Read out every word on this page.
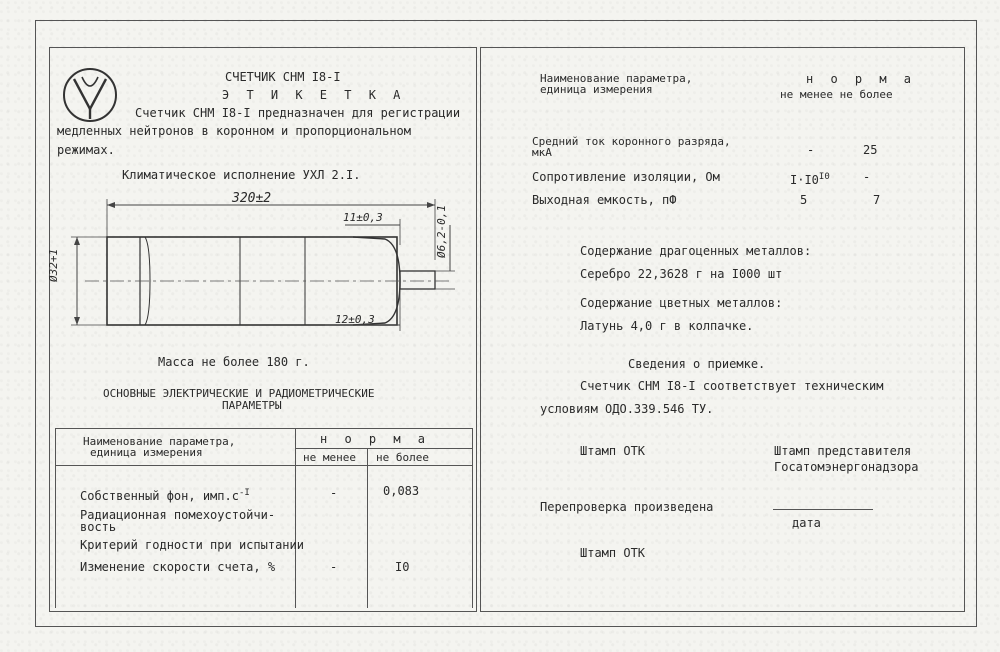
СЧЕТЧИК СНМ I8-I
Э Т И К Е Т К А
Счетчик СНМ I8-I предназначен для регистрации
медленных нейтронов в коронном и пропорциональном
режимах.
Климатическое исполнение УХЛ 2.I.
320±2
11±0,3
12±0,3
Ø32+1
Ø6,2-0,1
Масса не более 180 г.
ОСНОВНЫЕ ЭЛЕКТРИЧЕСКИЕ И РАДИОМЕТРИЧЕСКИЕ
ПАРАМЕТРЫ
Наименование параметра,
единица измерения
н о р м а
не менее не более
Собственный фон, $имп.с^{-I}$	-	0,083
Радиационная помехоустойчи-
вость
Критерий годности при испытании
Изменение скорости счета, %	-	I0
Наименование параметра,
единица измерения
н о р м а
не менее не более
Средний ток коронного разряда,
мкА	-	25
Сопротивление изоляции, Ом	$I\cdot I0^{I0}$	-
Выходная емкость, пФ	5	7
Содержание драгоценных металлов:
Серебро 22,3628 г на I000 шт
Содержание цветных металлов:
Латунь 4,0 г в колпачке.
Сведения о приемке.
Счетчик СНМ I8-I соответствует техническим
условиям ОДО.339.546 ТУ.
Штамп ОТК	Штамп представителя
Госатомэнергонадзора
Перепроверка произведена
дата
Штамп ОТК
